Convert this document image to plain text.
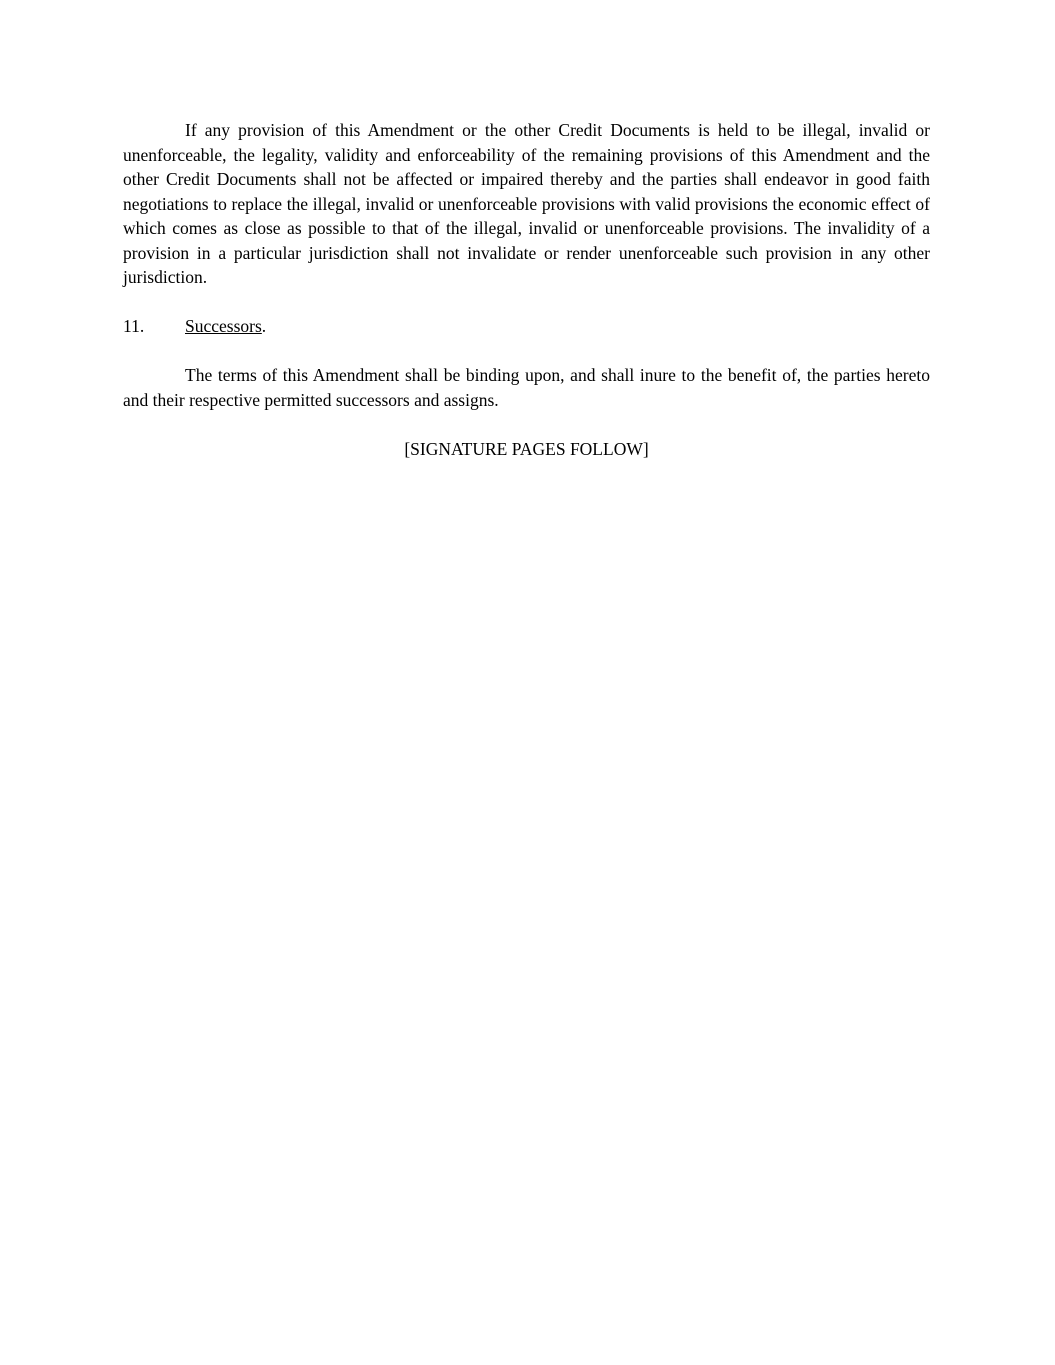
If any provision of this Amendment or the other Credit Documents is held to be illegal, invalid or unenforceable, the legality, validity and enforceability of the remaining provisions of this Amendment and the other Credit Documents shall not be affected or impaired thereby and the parties shall endeavor in good faith negotiations to replace the illegal, invalid or unenforceable provisions with valid provisions the economic effect of which comes as close as possible to that of the illegal, invalid or unenforceable provisions. The invalidity of a provision in a particular jurisdiction shall not invalidate or render unenforceable such provision in any other jurisdiction.

11. Successors.

The terms of this Amendment shall be binding upon, and shall inure to the benefit of, the parties hereto and their respective permitted successors and assigns.

[SIGNATURE PAGES FOLLOW]
